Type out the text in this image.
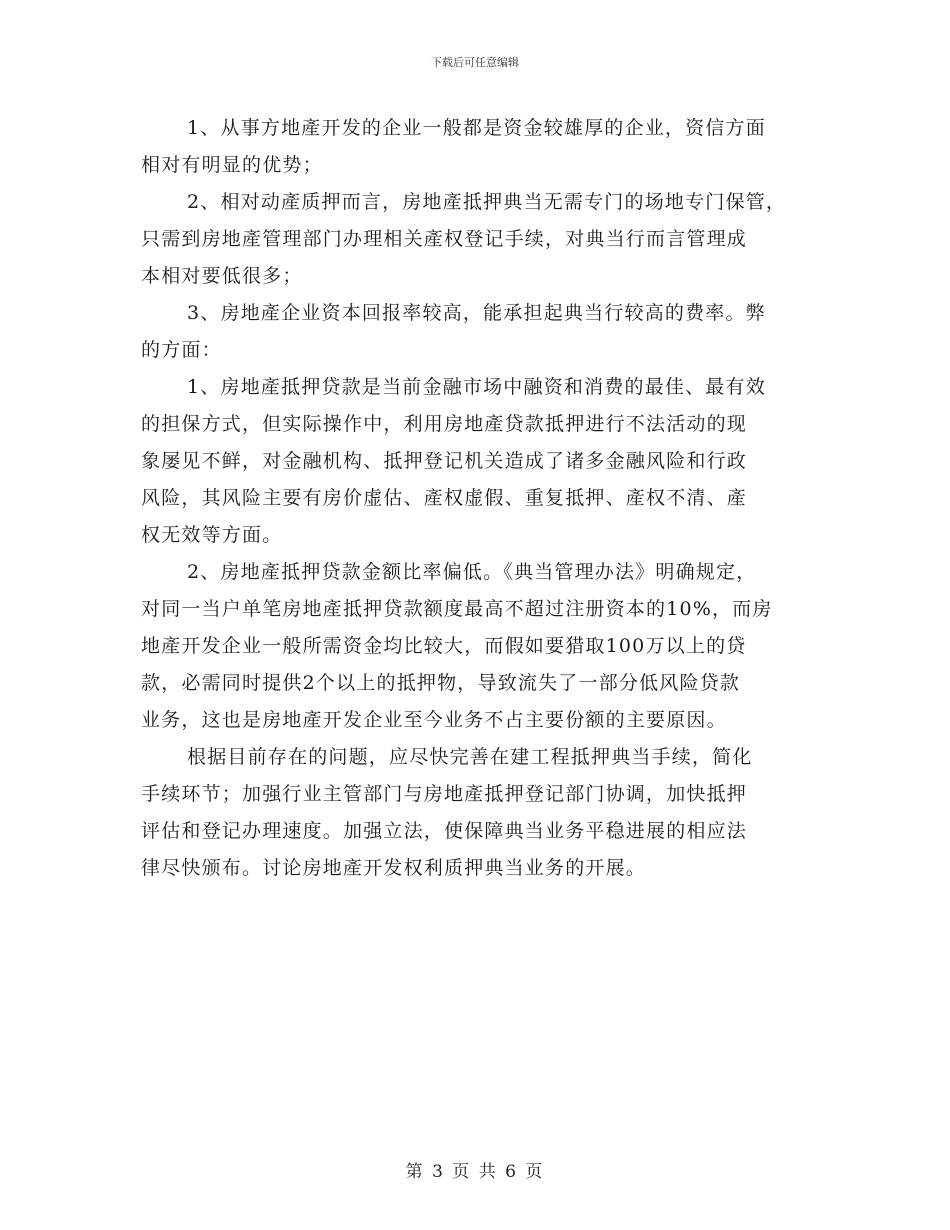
下载后可任意编辑
1、从事方地產开发的企业一般都是资金较雄厚的企业，资信方面
相对有明显的优势；
2、相对动產质押而言，房地產抵押典当无需专门的场地专门保管，
只需到房地產管理部门办理相关產权登记手续，对典当行而言管理成
本相对要低很多；
3、房地產企业资本回报率较高，能承担起典当行较高的费率。弊
的方面：
1、房地產抵押贷款是当前金融市场中融资和消费的最佳、最有效
的担保方式，但实际操作中，利用房地產贷款抵押进行不法活动的现
象屡见不鲜，对金融机构、抵押登记机关造成了诸多金融风险和行政
风险，其风险主要有房价虚估、產权虚假、重复抵押、產权不清、產
权无效等方面。
2、房地產抵押贷款金额比率偏低。《典当管理办法》明确规定，
对同一当户单笔房地產抵押贷款额度最高不超过注册资本的10%，而房
地產开发企业一般所需资金均比较大，而假如要猎取100万以上的贷
款，必需同时提供2个以上的抵押物，导致流失了一部分低风险贷款
业务，这也是房地產开发企业至今业务不占主要份额的主要原因。
根据目前存在的问题，应尽快完善在建工程抵押典当手续，简化
手续环节；加强行业主管部门与房地產抵押登记部门协调，加快抵押
评估和登记办理速度。加强立法，使保障典当业务平稳进展的相应法
律尽快颁布。讨论房地產开发权利质押典当业务的开展。
第 3 页 共 6 页
